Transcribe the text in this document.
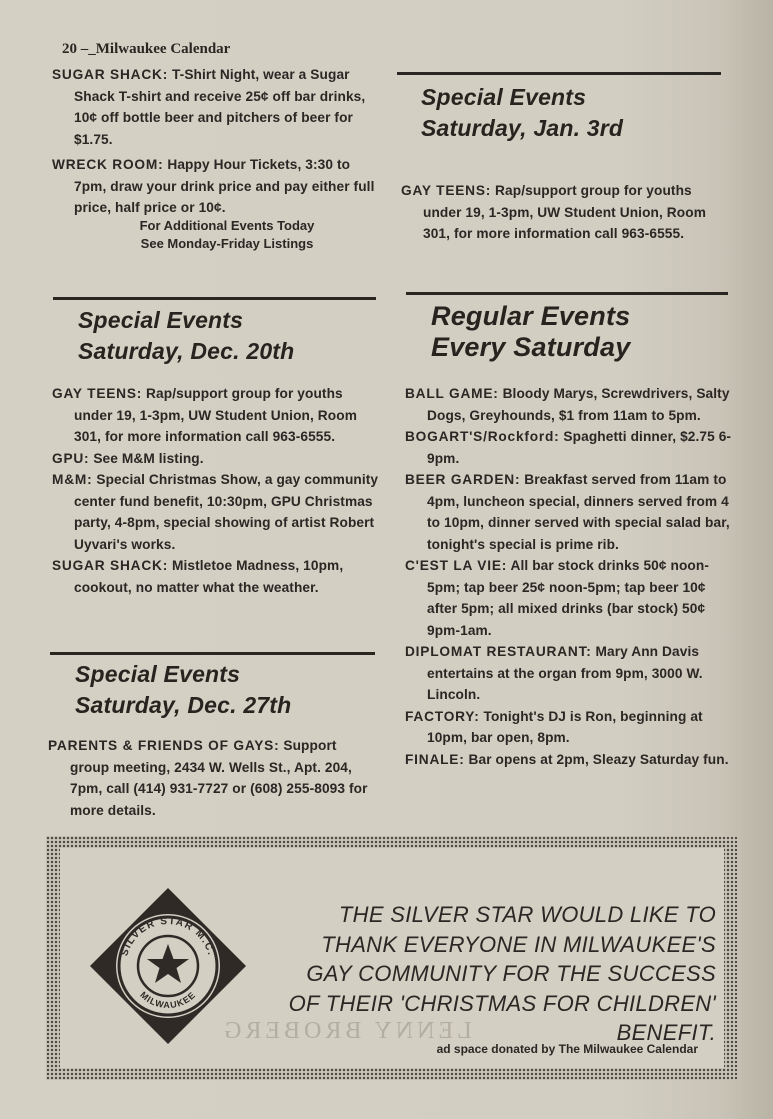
20 –_Milwaukee Calendar

SUGAR SHACK: T-Shirt Night, wear a Sugar Shack T-shirt and receive 25¢ off bar drinks, 10¢ off bottle beer and pitchers of beer for $1.75.

WRECK ROOM: Happy Hour Tickets, 3:30 to 7pm, draw your drink price and pay either full price, half price or 10¢.

For Additional Events Today
See Monday-Friday Listings
Special Events
Saturday, Dec. 20th

GAY TEENS: Rap/support group for youths under 19, 1-3pm, UW Student Union, Room 301, for more information call 963-6555.

GPU: See M&M listing.

M&M: Special Christmas Show, a gay community center fund benefit, 10:30pm, GPU Christmas party, 4-8pm, special showing of artist Robert Uyvari's works.

SUGAR SHACK: Mistletoe Madness, 10pm, cookout, no matter what the weather.

Special Events
Saturday, Dec. 27th

PARENTS & FRIENDS OF GAYS: Support group meeting, 2434 W. Wells St., Apt. 204, 7pm, call (414) 931-7727 or (608) 255-8093 for more details.

Special Events
Saturday, Jan. 3rd

GAY TEENS: Rap/support group for youths under 19, 1-3pm, UW Student Union, Room 301, for more information call 963-6555.

Regular Events
Every Saturday

BALL GAME: Bloody Marys, Screwdrivers, Salty Dogs, Greyhounds, $1 from 11am to 5pm.

BOGART'S/Rockford: Spaghetti dinner, $2.75 6-9pm.

BEER GARDEN: Breakfast served from 11am to 4pm, luncheon special, dinners served from 4 to 10pm, dinner served with special salad bar, tonight's special is prime rib.

C'EST LA VIE: All bar stock drinks 50¢ noon-5pm; tap beer 25¢ noon-5pm; tap beer 10¢ after 5pm; all mixed drinks (bar stock) 50¢ 9pm-1am.

DIPLOMAT RESTAURANT: Mary Ann Davis entertains at the organ from 9pm, 3000 W. Lincoln.

FACTORY: Tonight's DJ is Ron, beginning at 10pm, bar open, 8pm.

FINALE: Bar opens at 2pm, Sleazy Saturday fun.

SILVER STAR M.C.
MILWAUKEE
LENNY BROBERG
THE SILVER STAR WOULD LIKE TO
THANK EVERYONE IN MILWAUKEE'S
GAY COMMUNITY FOR THE SUCCESS
OF THEIR 'CHRISTMAS FOR CHILDREN'
BENEFIT.
ad space donated by The Milwaukee Calendar
